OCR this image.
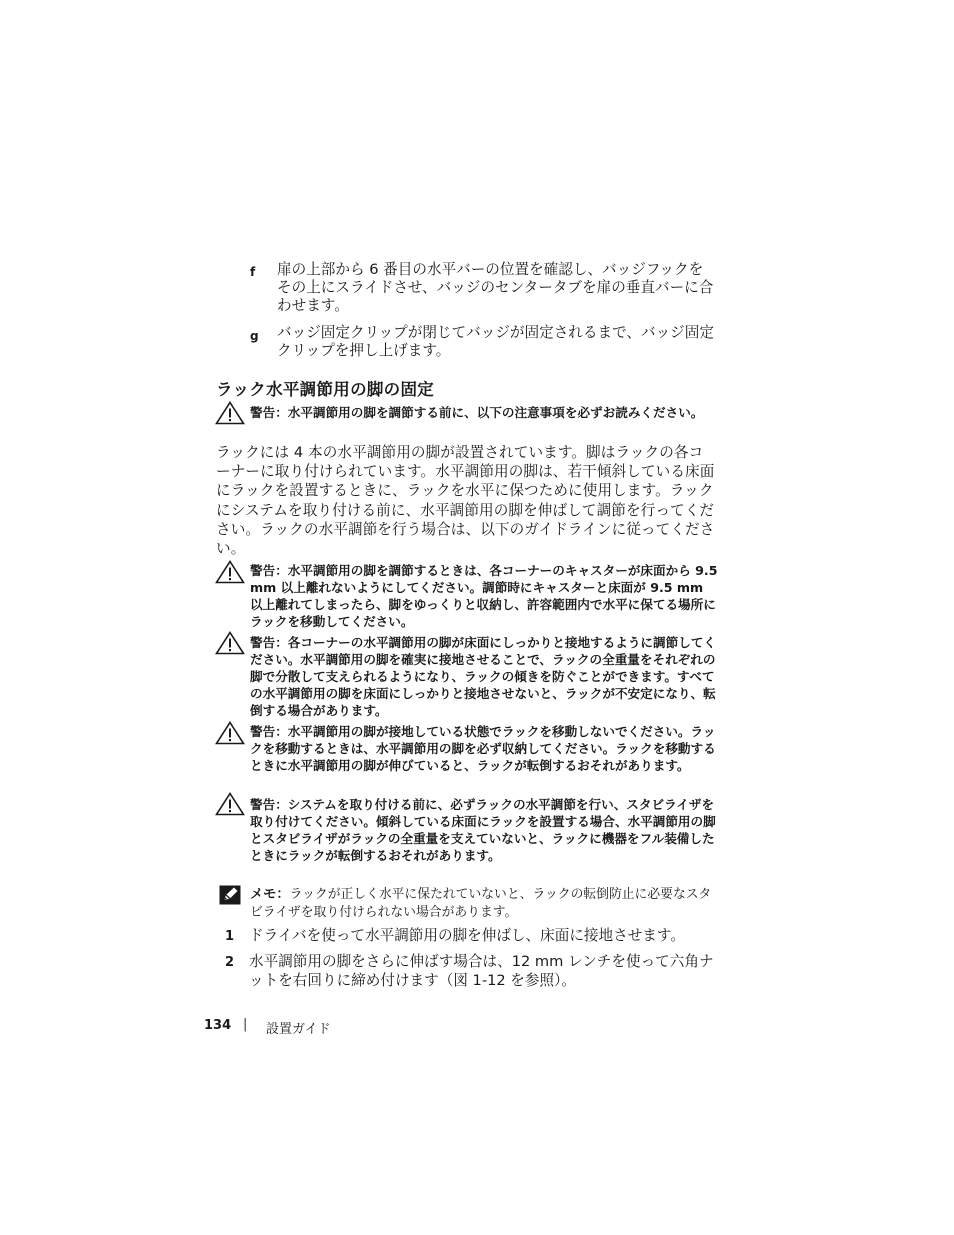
f 扉の上部から 6 番目の水平バーの位置を確認し、バッジフックをその上にスライドさせ、バッジのセンタータブを扉の垂直バーに合わせます。
g バッジ固定クリップが閉じてバッジが固定されるまで、バッジ固定クリップを押し上げます。
ラック水平調節用の脚の固定
警告：水平調節用の脚を調節する前に、以下の注意事項を必ずお読みください。
ラックには 4 本の水平調節用の脚が設置されています。脚はラックの各コーナーに取り付けられています。水平調節用の脚は、若干傾斜している床面にラックを設置するときに、ラックを水平に保つために使用します。ラックにシステムを取り付ける前に、水平調節用の脚を伸ばして調節を行ってください。ラックの水平調節を行う場合は、以下のガイドラインに従ってください。
警告：水平調節用の脚を調節するときは、各コーナーのキャスターが床面から 9.5 mm 以上離れないようにしてください。調節時にキャスターと床面が 9.5 mm 以上離れてしまったら、脚をゆっくりと収納し、許容範囲内で水平に保てる場所にラックを移動してください。
警告：各コーナーの水平調節用の脚が床面にしっかりと接地するように調節してください。水平調節用の脚を確実に接地させることで、ラックの全重量をそれぞれの脚で分散して支えられるようになり、ラックの傾きを防ぐことができます。すべての水平調節用の脚を床面にしっかりと接地させないと、ラックが不安定になり、転倒する場合があります。
警告：水平調節用の脚が接地している状態でラックを移動しないでください。ラックを移動するときは、水平調節用の脚を必ず収納してください。ラックを移動するときに水平調節用の脚が伸びていると、ラックが転倒するおそれがあります。
警告：システムを取り付ける前に、必ずラックの水平調節を行い、スタビライザを取り付けてください。傾斜している床面にラックを設置する場合、水平調節用の脚とスタビライザがラックの全重量を支えていないと、ラックに機器をフル装備したときにラックが転倒するおそれがあります。
メモ：ラックが正しく水平に保たれていないと、ラックの転倒防止に必要なスタビライザを取り付けられない場合があります。
1 ドライバを使って水平調節用の脚を伸ばし、床面に接地させます。
2 水平調節用の脚をさらに伸ばす場合は、12 mm レンチを使って六角ナットを右回りに締め付けます（図 1-12 を参照）。
134 | 設置ガイド
